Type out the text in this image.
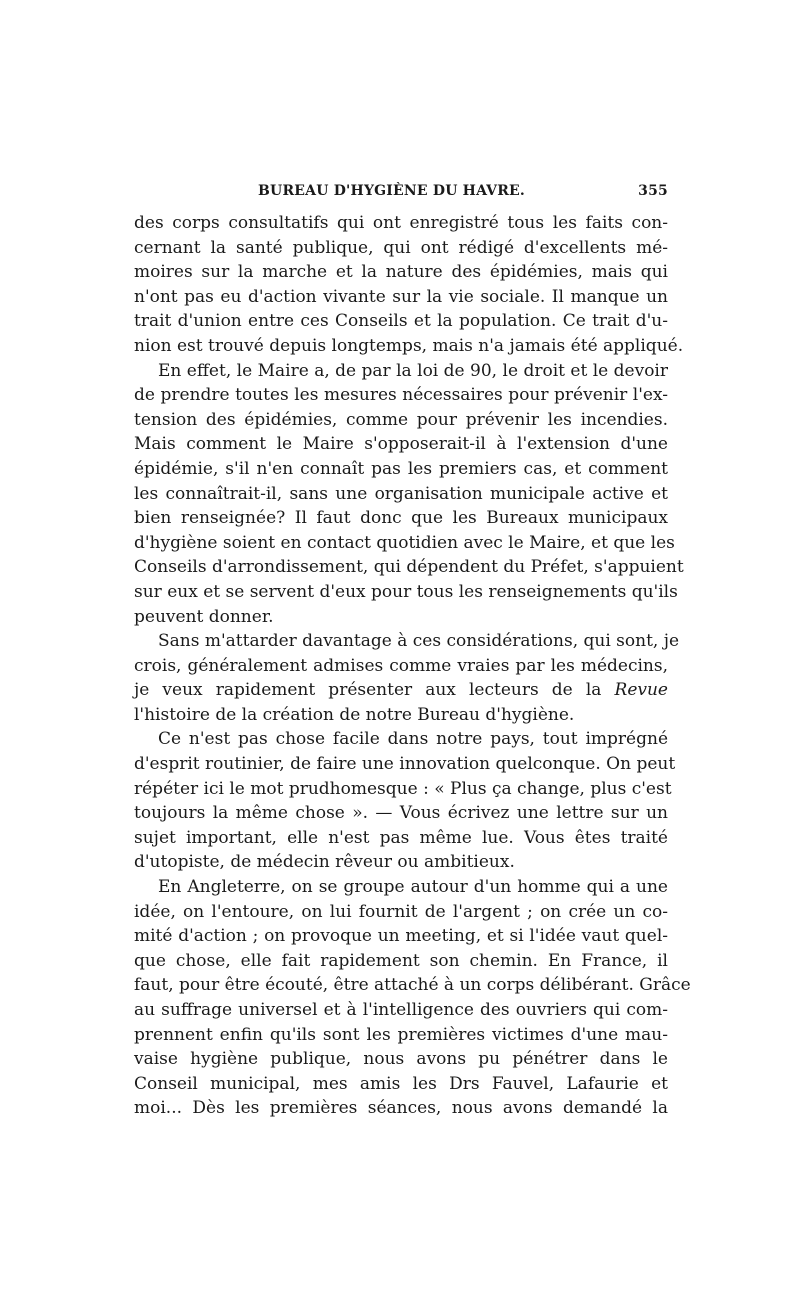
BUREAU D'HYGIÈNE DU HAVRE.	355
des corps consultatifs qui ont enregistré tous les faits con-
cernant la santé publique, qui ont rédigé d'excellents mé-
moires sur la marche et la nature des épidémies, mais qui
n'ont pas eu d'action vivante sur la vie sociale. Il manque un
trait d'union entre ces Conseils et la population. Ce trait d'u-
nion est trouvé depuis longtemps, mais n'a jamais été appliqué.
En effet, le Maire a, de par la loi de 90, le droit et le devoir
de prendre toutes les mesures nécessaires pour prévenir l'ex-
tension des épidémies, comme pour prévenir les incendies.
Mais comment le Maire s'opposerait-il à l'extension d'une
épidémie, s'il n'en connaît pas les premiers cas, et comment
les connaîtrait-il, sans une organisation municipale active et
bien renseignée? Il faut donc que les Bureaux municipaux
d'hygiène soient en contact quotidien avec le Maire, et que les
Conseils d'arrondissement, qui dépendent du Préfet, s'appuient
sur eux et se servent d'eux pour tous les renseignements qu'ils
peuvent donner.
Sans m'attarder davantage à ces considérations, qui sont, je
crois, généralement admises comme vraies par les médecins,
je veux rapidement présenter aux lecteurs de la Revue
l'histoire de la création de notre Bureau d'hygiène.
Ce n'est pas chose facile dans notre pays, tout imprégné
d'esprit routinier, de faire une innovation quelconque. On peut
répéter ici le mot prudhomesque : « Plus ça change, plus c'est
toujours la même chose ». — Vous écrivez une lettre sur un
sujet important, elle n'est pas même lue. Vous êtes traité
d'utopiste, de médecin rêveur ou ambitieux.
En Angleterre, on se groupe autour d'un homme qui a une
idée, on l'entoure, on lui fournit de l'argent ; on crée un co-
mité d'action ; on provoque un meeting, et si l'idée vaut quel-
que chose, elle fait rapidement son chemin. En France, il
faut, pour être écouté, être attaché à un corps délibérant. Grâce
au suffrage universel et à l'intelligence des ouvriers qui com-
prennent enfin qu'ils sont les premières victimes d'une mau-
vaise hygiène publique, nous avons pu pénétrer dans le
Conseil municipal, mes amis les Drs Fauvel, Lafaurie et
moi... Dès les premières séances, nous avons demandé la
